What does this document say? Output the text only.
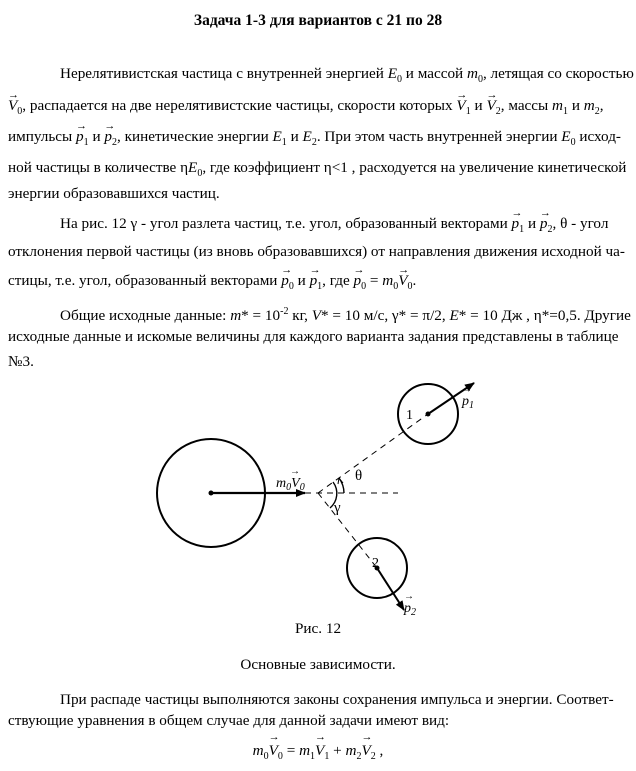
Задача 1-3 для вариантов с 21 по 28
Нерелятивистская частица с внутренней энергией $E_0$ и массой $m_0$, летящая со скоростью
→ $V_0$, распадается на две нерелятивистские частицы, скорости которых → $V_1$ $и \to V_2$, массы $m_1$ и $m_2$,
импульсы → $p_1$ $и \to p_2$, кинетические энергии $E_1$ и $E_2$. При этом часть внутренней энергии $E_0$ исход-
ной частицы в количестве $\eta E_0$, где коэффициент η<1 , расходуется на увеличение кинетической
энергии образовавшихся частиц.
На рис. 12 γ - угол разлета частиц, т.е. угол, образованный векторами → $p_1$ $и \to p_2$, θ - угол
отклонения первой частицы (из вновь образовавшихся) от направления движения исходной ча-
стицы, т.е. угол, образованный векторами → $p_0$ $и \to p_1$, где → $p_0 = m_0\to V_0$.
Общие исходные данные: $m* = 10^{-2}$ кг, V* = 10 м/с, γ* = π/2, E* = 10 Дж , η*=0,5. Другие
исходные данные и искомые величины для каждого варианта задания представлены в таблице
№3.
$m_0V_0$
→	θ
γ
1
2
$p_1$
→
$p_2$
→
Рис. 12
Основные зависимости.
При распаде частицы выполняются законы сохранения импульса и энергии. Соответ-
ствующие уравнения в общем случае для данной задачи имеют вид:
$m_0\to V_0 = m_1\to V_1 + m_2\to V_2$ ,
